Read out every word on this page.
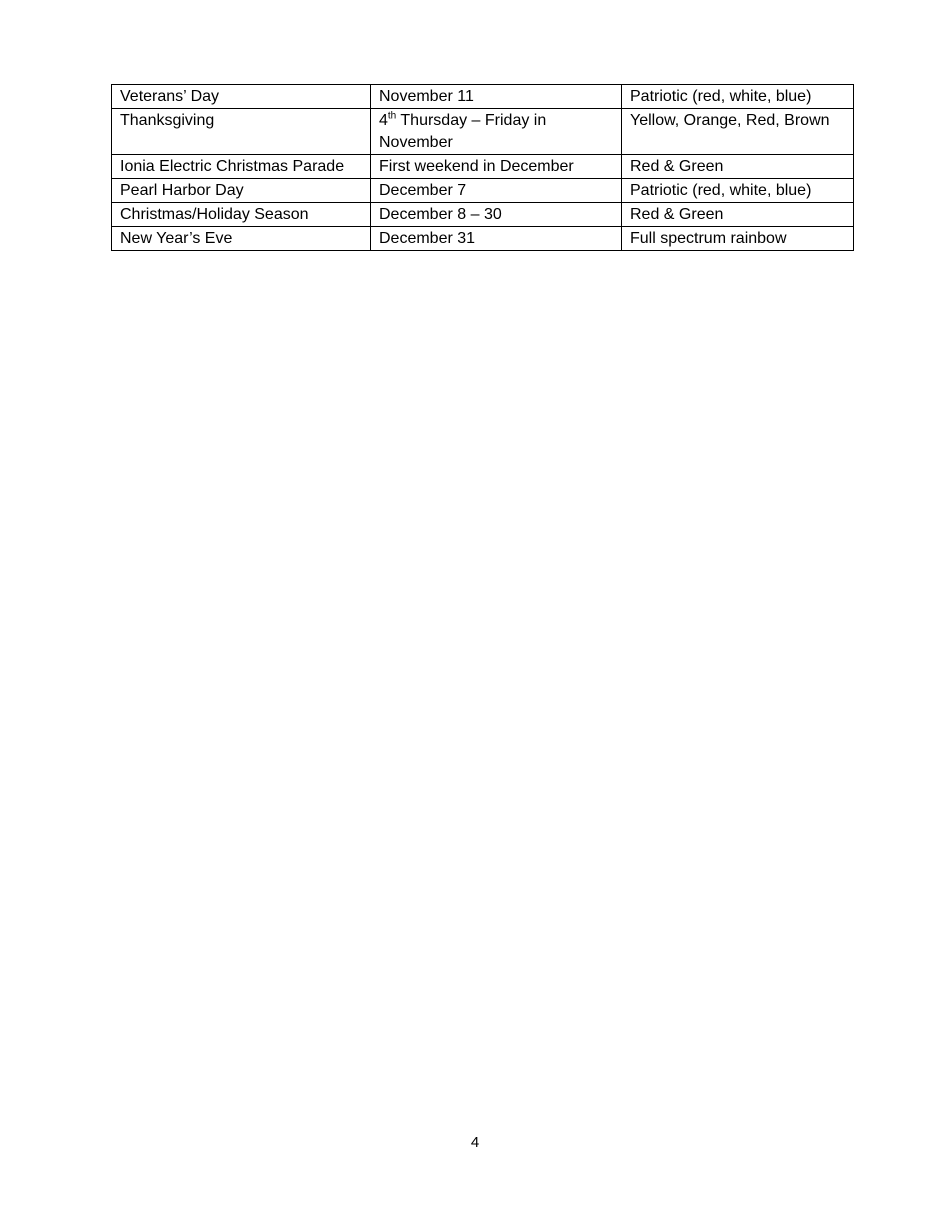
Veterans’ Day	November 11	Patriotic (red, white, blue)
Thanksgiving	4th Thursday – Friday in November	Yellow, Orange, Red, Brown
Ionia Electric Christmas Parade	First weekend in December	Red & Green
Pearl Harbor Day	December 7	Patriotic (red, white, blue)
Christmas/Holiday Season	December 8 – 30	Red & Green
New Year’s Eve	December 31	Full spectrum rainbow
4
